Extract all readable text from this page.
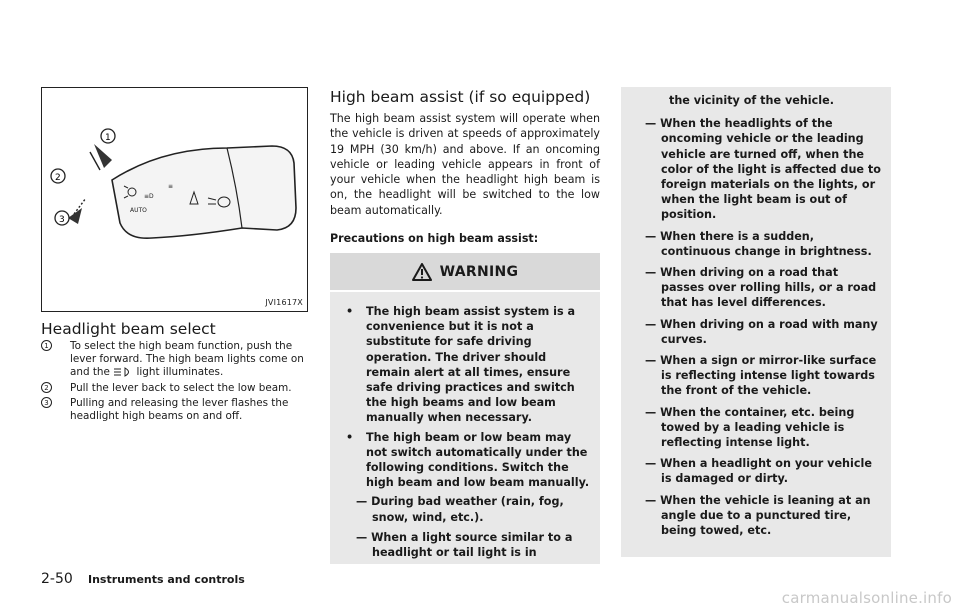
≡D
AUTO
≡
1
2
3
JVI1617X
Headlight beam select
1	To select the high beam function, push the lever forward. The high beam lights come on and the	light illuminates.
2	Pull the lever back to select the low beam.
3	Pulling and releasing the lever flashes the headlight high beams on and off.
High beam assist (if so equipped)
The high beam assist system will operate when the vehicle is driven at speeds of approximately 19 MPH (30 km/h) and above. If an oncoming vehicle or leading vehicle appears in front of your vehicle when the headlight high beam is on, the headlight will be switched to the low beam automatically.
Precautions on high beam assist:
WARNING
• The high beam assist system is a convenience but it is not a substitute for safe driving operation. The driver should remain alert at all times, ensure safe driving practices and switch the high beams and low beam manually when necessary.
• The high beam or low beam may not switch automatically under the following conditions. Switch the high beam and low beam manually.
— During bad weather (rain, fog, snow, wind, etc.).
— When a light source similar to a headlight or tail light is in
the vicinity of the vehicle.
— When the headlights of the oncoming vehicle or the leading vehicle are turned off, when the color of the light is affected due to foreign materials on the lights, or when the light beam is out of position.
— When there is a sudden, continuous change in brightness.
— When driving on a road that passes over rolling hills, or a road that has level differences.
— When driving on a road with many curves.
— When a sign or mirror-like surface is reflecting intense light towards the front of the vehicle.
— When the container, etc. being towed by a leading vehicle is reflecting intense light.
— When a headlight on your vehicle is damaged or dirty.
— When the vehicle is leaning at an angle due to a punctured tire, being towed, etc.
2-50 Instruments and controls
carmanualsonline.info
